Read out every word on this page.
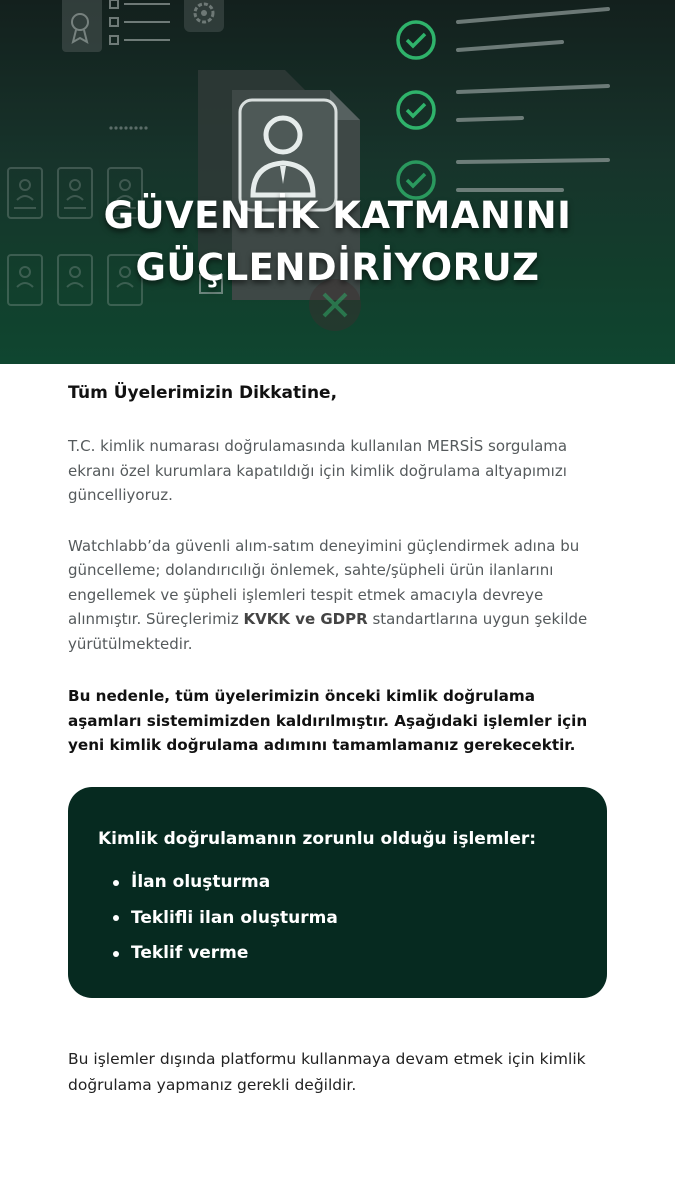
GÜVENLİK KATMANINI
GÜÇLENDİRİYORUZ

Tüm Üyelerimizin Dikkatine,

T.C. kimlik numarası doğrulamasında kullanılan MERSİS sorgulama ekranı özel kurumlara kapatıldığı için kimlik doğrulama altyapımızı güncelliyoruz.

Watchlabb’da güvenli alım-satım deneyimini güçlendirmek adına bu güncelleme; dolandırıcılığı önlemek, sahte/şüpheli ürün ilanlarını engellemek ve şüpheli işlemleri tespit etmek amacıyla devreye alınmıştır. Süreçlerimiz KVKK ve GDPR standartlarına uygun şekilde yürütülmektedir.

Bu nedenle, tüm üyelerimizin önceki kimlik doğrulama aşamları sistemimizden kaldırılmıştır. Aşağıdaki işlemler için yeni kimlik doğrulama adımını tamamlamanız gerekecektir.

Kimlik doğrulamanın zorunlu olduğu işlemler:

İlan oluşturma
Teklifli ilan oluşturma
Teklif verme

Bu işlemler dışında platformu kullanmaya devam etmek için kimlik doğrulama yapmanız gerekli değildir.
